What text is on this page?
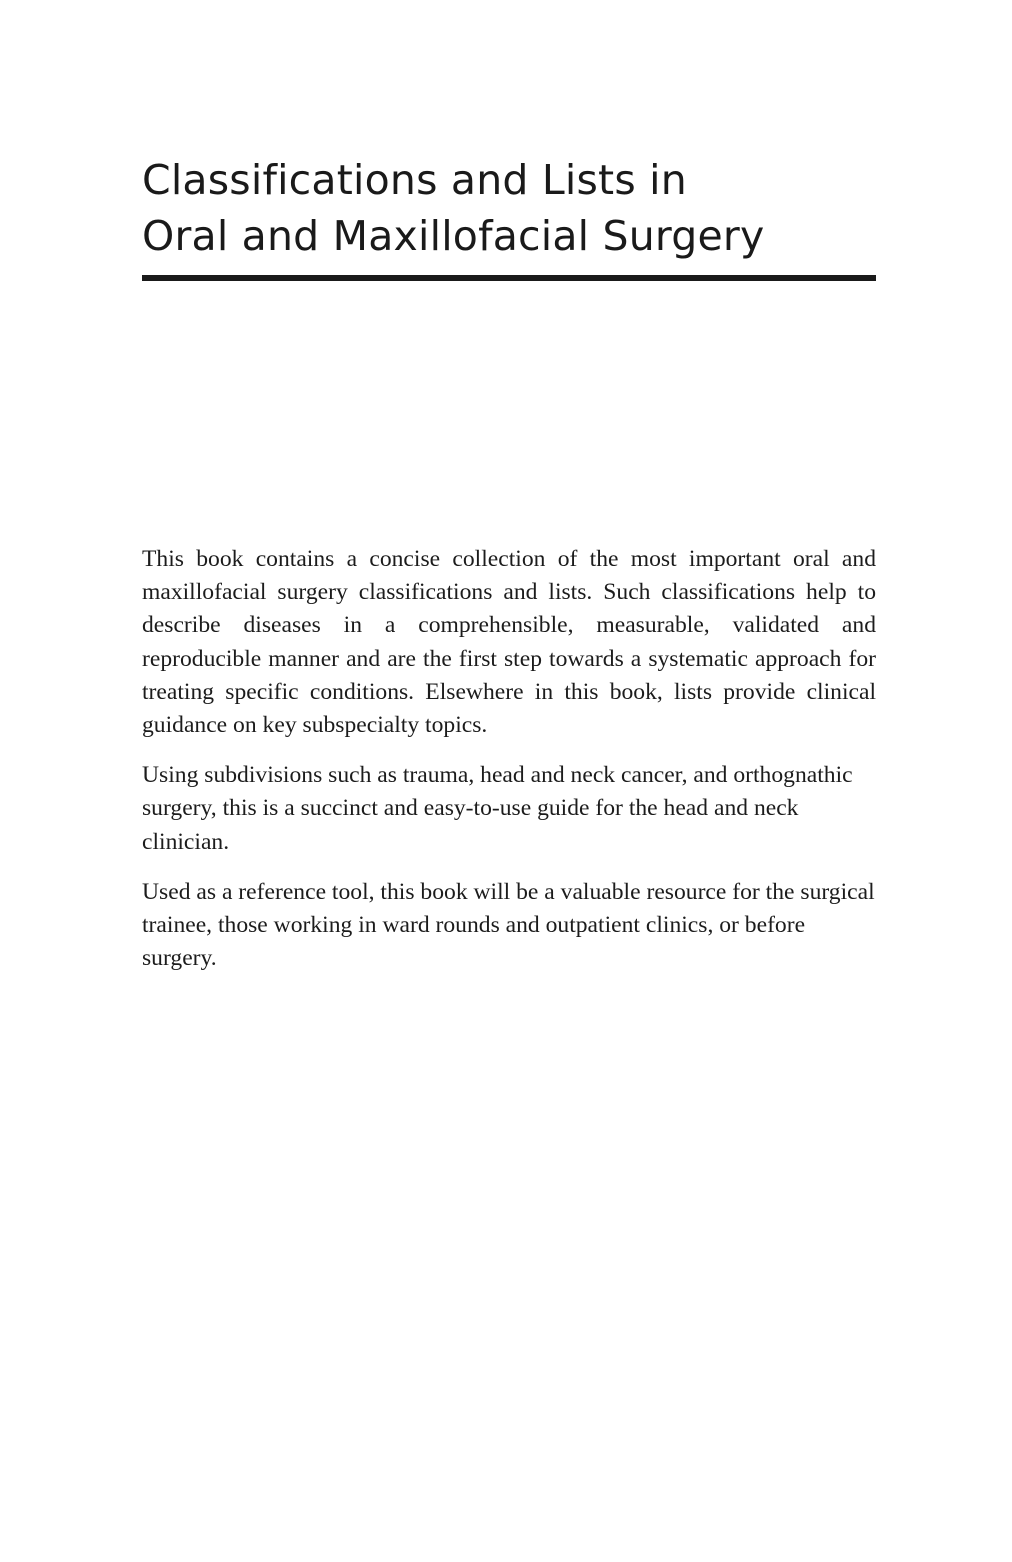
Classifications and Lists in
Oral and Maxillofacial Surgery

This book contains a concise collection of the most important oral and maxillofacial surgery classifications and lists. Such classifications help to describe diseases in a comprehensible, measurable, validated and reproducible manner and are the first step towards a systematic approach for treating specific conditions. Elsewhere in this book, lists provide clinical guidance on key subspecialty topics.

Using subdivisions such as trauma, head and neck cancer, and orthognathic surgery, this is a succinct and easy-to-use guide for the head and neck clinician.

Used as a reference tool, this book will be a valuable resource for the surgical trainee, those working in ward rounds and outpatient clinics, or before surgery.
